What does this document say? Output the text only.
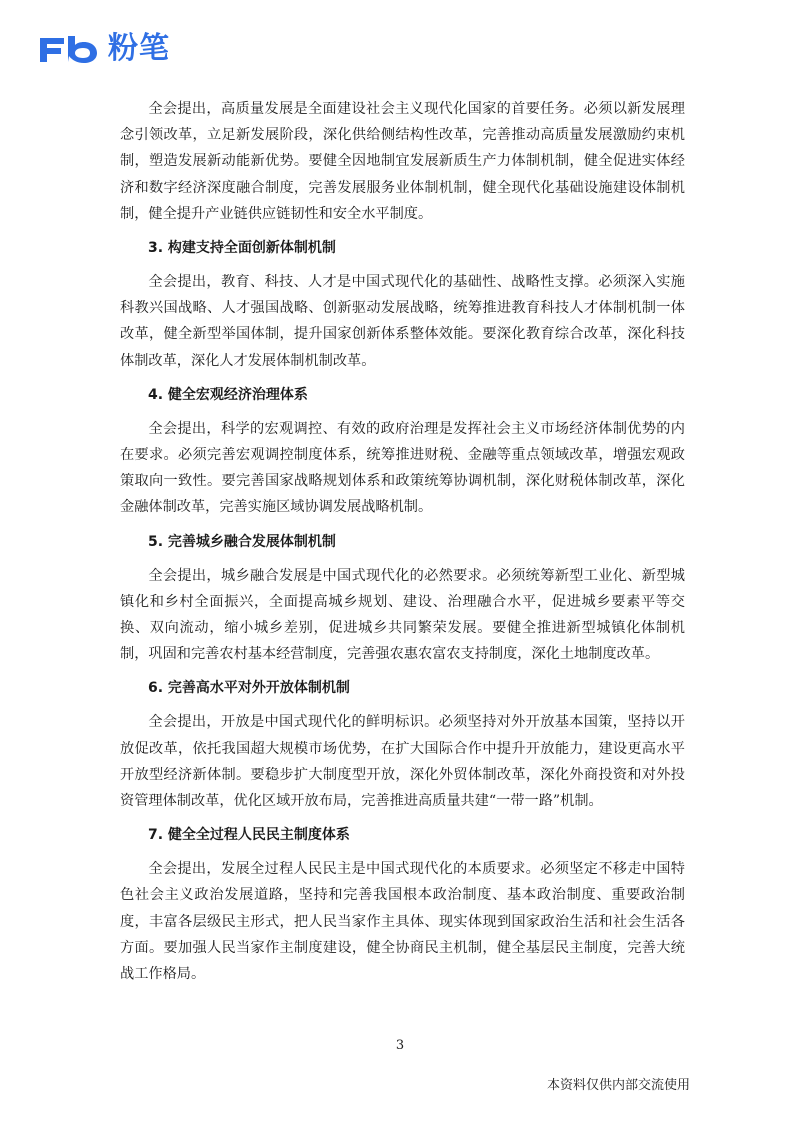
粉笔

全会提出，高质量发展是全面建设社会主义现代化国家的首要任务。必须以新发展理念引领改革，立足新发展阶段，深化供给侧结构性改革，完善推动高质量发展激励约束机制，塑造发展新动能新优势。要健全因地制宜发展新质生产力体制机制，健全促进实体经济和数字经济深度融合制度，完善发展服务业体制机制，健全现代化基础设施建设体制机制，健全提升产业链供应链韧性和安全水平制度。

3. 构建支持全面创新体制机制

全会提出，教育、科技、人才是中国式现代化的基础性、战略性支撑。必须深入实施科教兴国战略、人才强国战略、创新驱动发展战略，统筹推进教育科技人才体制机制一体改革，健全新型举国体制，提升国家创新体系整体效能。要深化教育综合改革，深化科技体制改革，深化人才发展体制机制改革。

4. 健全宏观经济治理体系

全会提出，科学的宏观调控、有效的政府治理是发挥社会主义市场经济体制优势的内在要求。必须完善宏观调控制度体系，统筹推进财税、金融等重点领域改革，增强宏观政策取向一致性。要完善国家战略规划体系和政策统筹协调机制，深化财税体制改革，深化金融体制改革，完善实施区域协调发展战略机制。

5. 完善城乡融合发展体制机制

全会提出，城乡融合发展是中国式现代化的必然要求。必须统筹新型工业化、新型城镇化和乡村全面振兴，全面提高城乡规划、建设、治理融合水平，促进城乡要素平等交换、双向流动，缩小城乡差别，促进城乡共同繁荣发展。要健全推进新型城镇化体制机制，巩固和完善农村基本经营制度，完善强农惠农富农支持制度，深化土地制度改革。

6. 完善高水平对外开放体制机制

全会提出，开放是中国式现代化的鲜明标识。必须坚持对外开放基本国策，坚持以开放促改革，依托我国超大规模市场优势，在扩大国际合作中提升开放能力，建设更高水平开放型经济新体制。要稳步扩大制度型开放，深化外贸体制改革，深化外商投资和对外投资管理体制改革，优化区域开放布局，完善推进高质量共建“一带一路”机制。

7. 健全全过程人民民主制度体系

全会提出，发展全过程人民民主是中国式现代化的本质要求。必须坚定不移走中国特色社会主义政治发展道路，坚持和完善我国根本政治制度、基本政治制度、重要政治制度，丰富各层级民主形式，把人民当家作主具体、现实体现到国家政治生活和社会生活各方面。要加强人民当家作主制度建设，健全协商民主机制，健全基层民主制度，完善大统战工作格局。

3
本资料仅供内部交流使用
